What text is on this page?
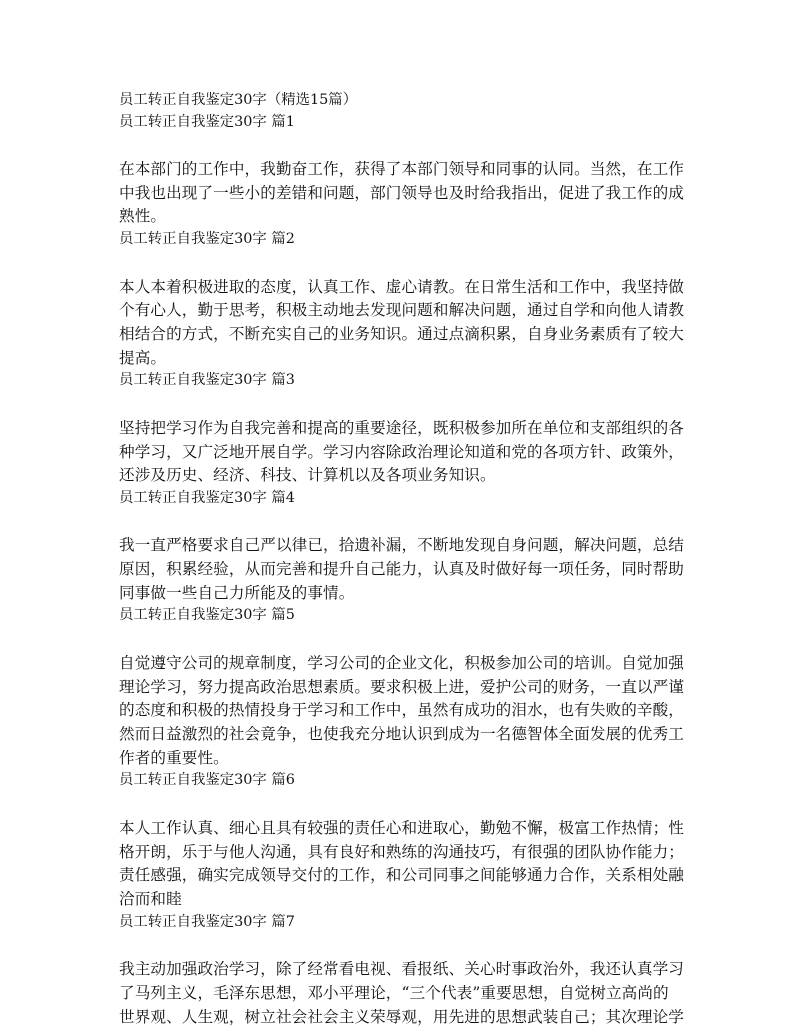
员工转正自我鉴定30字（精选15篇）
员工转正自我鉴定30字 篇1
在本部门的工作中，我勤奋工作，获得了本部门领导和同事的认同。当然，在工作
中我也出现了一些小的差错和问题，部门领导也及时给我指出，促进了我工作的成
熟性。
员工转正自我鉴定30字 篇2
本人本着积极进取的态度，认真工作、虚心请教。在日常生活和工作中，我坚持做
个有心人，勤于思考，积极主动地去发现问题和解决问题，通过自学和向他人请教
相结合的方式，不断充实自己的业务知识。通过点滴积累，自身业务素质有了较大
提高。
员工转正自我鉴定30字 篇3
坚持把学习作为自我完善和提高的重要途径，既积极参加所在单位和支部组织的各
种学习，又广泛地开展自学。学习内容除政治理论知道和党的各项方针、政策外，
还涉及历史、经济、科技、计算机以及各项业务知识。
员工转正自我鉴定30字 篇4
我一直严格要求自己严以律已，拾遗补漏，不断地发现自身问题，解决问题，总结
原因，积累经验，从而完善和提升自己能力，认真及时做好每一项任务，同时帮助
同事做一些自己力所能及的事情。
员工转正自我鉴定30字 篇5
自觉遵守公司的规章制度，学习公司的企业文化，积极参加公司的培训。自觉加强
理论学习，努力提高政治思想素质。要求积极上进，爱护公司的财务，一直以严谨
的态度和积极的热情投身于学习和工作中，虽然有成功的泪水，也有失败的辛酸，
然而日益激烈的社会竟争，也使我充分地认识到成为一名德智体全面发展的优秀工
作者的重要性。
员工转正自我鉴定30字 篇6
本人工作认真、细心且具有较强的责任心和进取心，勤勉不懈，极富工作热情；性
格开朗，乐于与他人沟通，具有良好和熟练的沟通技巧，有很强的团队协作能力；
责任感强，确实完成领导交付的工作，和公司同事之间能够通力合作，关系相处融
洽而和睦
员工转正自我鉴定30字 篇7
我主动加强政治学习，除了经常看电视、看报纸、关心时事政治外，我还认真学习
了马列主义，毛泽东思想，邓小平理论，“三个代表”重要思想，自觉树立高尚的
世界观、人生观，树立社会社会主义荣辱观，用先进的思想武装自己；其次理论学
